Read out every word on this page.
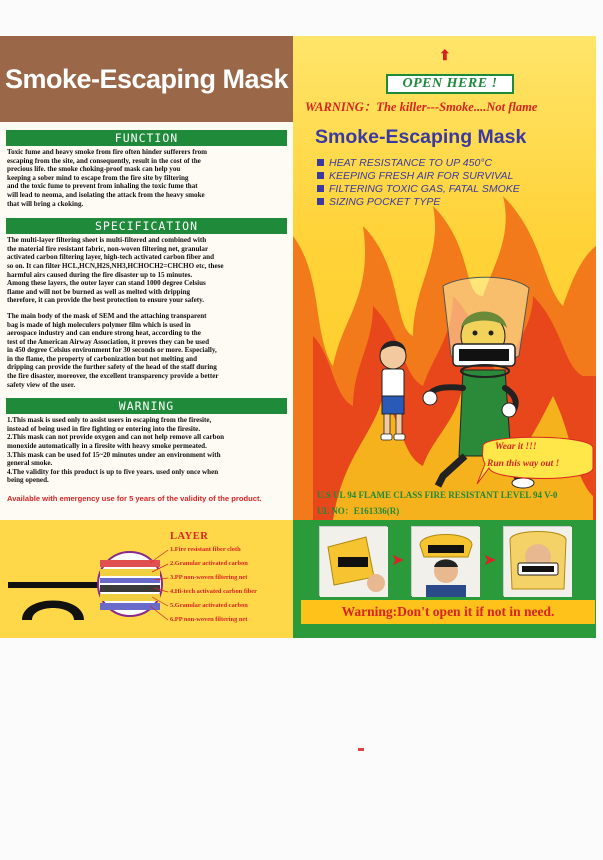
Smoke-Escaping Mask
FUNCTION
Toxic fume and heavy smoke from fire often hinder sufferers from
escaping from the site, and consequently, result in the cost of the
precious life. the smoke choking-proof mask can help you
keeping a sober mind to escape from the fire site by filtering
and the toxic fume to prevent from inhaling the toxic fume that
will lead to neoma, and isolating the attack from the heavy smoke
that will bring a ckoking.
SPECIFICATION
The multi-layer filtering sheet is multi-filtered and combined with
the material fire resistant fabric, non-woven filtering net, granular
activated carbon filtering layer, high-tech activated carbon fiber and
so on. It can filter HCL,HCN,H2S,NH3,HCHOCH2=CHCHO etc, these
harmful airs caused during the fire disaster up to 15 minutes.
Among these layers, the outer layer can stand 1000 degree Celsius
flame and will not be burned as well as melted with dripping
therefore, it can provide the best protection to ensure your safety.
The main body of the mask of SEM and the attaching transparent
bag is made of high moleculers polymer film which is used in
aerospace industry and can endure strong heat, according to the
test of the American Airway Association, it proves they can be used
in 450 degree Celsius environment for 30 seconds or more. Especially,
in the flame, the property of carbonization but not melting and
dripping can provide the further safety of the head of the staff during
the fire disaster, moreover, the excellent transparency provide a better
safety view of the user.
WARNING
1.This mask is used only to assist users in escaping from the firesite,
instead of being used in fire fighting or entering into the firesite.
2.This mask can not provide oxygen and can not help remove all carbon
monoxide automatically in a firesite with heavy smoke permeated.
3.This mask can be used fof 15~20 minutes under an environment with
general smoke.
4.The validity for this product is up to five years. used only once when
being opened.
Available with emergency use for 5 years of the validity of the product.
⬆
OPEN HERE !
WARNING：The killer---Smoke....Not flame
Smoke-Escaping Mask
HEAT RESISTANCE TO UP 450°C
KEEPING FRESH AIR FOR SURVIVAL
FILTERING TOXIC GAS, FATAL SMOKE
SIZING POCKET TYPE
Wear it !!!
Run this way out !
U.S UL 94 FLAME CLASS FIRE RESISTANT LEVEL 94 V-0
UL NO：E161336(R)
LAYER
1.Fire resistant fiber cloth
2.Granular activated carbon
3.PP non-woven filtering net
4.Hi-tech activated carbon fiber
5.Granular activated carbon
6.PP non-woven filtering net
➤	➤
Warning:Don't open it if not in need.
